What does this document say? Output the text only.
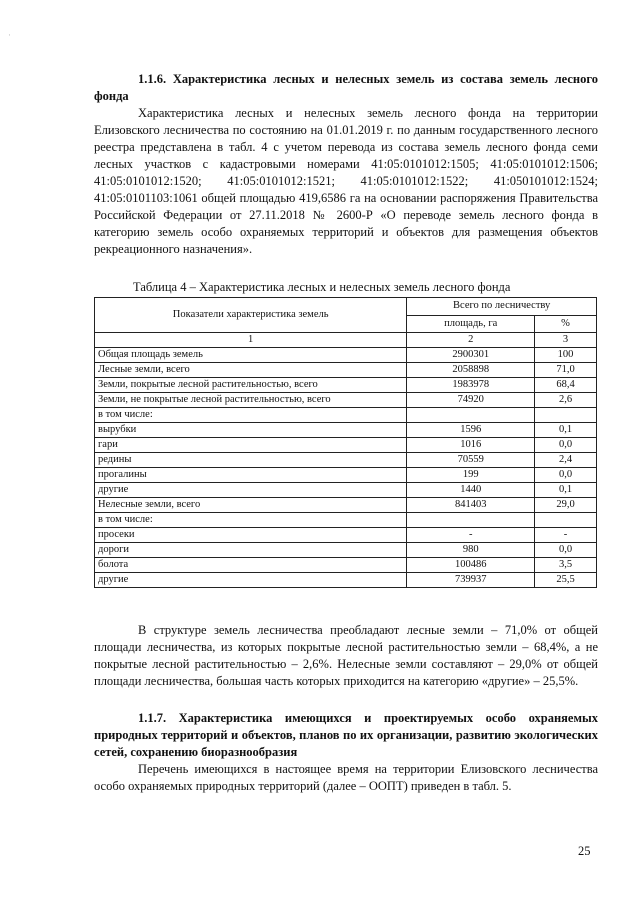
·
1.1.6. Характеристика лесных и нелесных земель из состава земель лесного фонда
Характеристика лесных и нелесных земель лесного фонда на территории Елизовского лесничества по состоянию на 01.01.2019 г. по данным государственного лесного реестра представлена в табл. 4 с учетом перевода из состава земель лесного фонда семи лесных участков с кадастровыми номерами 41:05:0101012:1505; 41:05:0101012:1506; 41:05:0101012:1520; 41:05:0101012:1521; 41:05:0101012:1522; 41:050101012:1524; 41:05:0101103:1061 общей площадью 419,6586 га на основании распоряжения Правительства Российской Федерации от 27.11.2018 № 2600-Р «О переводе земель лесного фонда в категорию земель особо охраняемых территорий и объектов для размещения объектов рекреационного назначения».
Таблица 4 – Характеристика лесных и нелесных земель лесного фонда
Показатели характеристика земель	Всего по лесничеству	
	площадь, га	%
1	2	3
Общая площадь земель	2900301	100
Лесные земли, всего	2058898	71,0
Земли, покрытые лесной растительностью, всего	1983978	68,4
Земли, не покрытые лесной растительностью, всего	74920	2,6
в том числе:		
вырубки	1596	0,1
гари	1016	0,0
редины	70559	2,4
прогалины	199	0,0
другие	1440	0,1
Нелесные земли, всего	841403	29,0
в том числе:		
просеки	-	-
дороги	980	0,0
болота	100486	3,5
другие	739937	25,5
В структуре земель лесничества преобладают лесные земли – 71,0% от общей площади лесничества, из которых покрытые лесной растительностью земли – 68,4%, а не покрытые лесной растительностью – 2,6%. Нелесные земли составляют – 29,0% от общей площади лесничества, большая часть которых приходится на категорию «другие» – 25,5%.
1.1.7. Характеристика имеющихся и проектируемых особо охраняемых природных территорий и объектов, планов по их организации, развитию экологических сетей, сохранению биоразнообразия
Перечень имеющихся в настоящее время на территории Елизовского лесничества особо охраняемых природных территорий (далее – ООПТ) приведен в табл. 5.
25
